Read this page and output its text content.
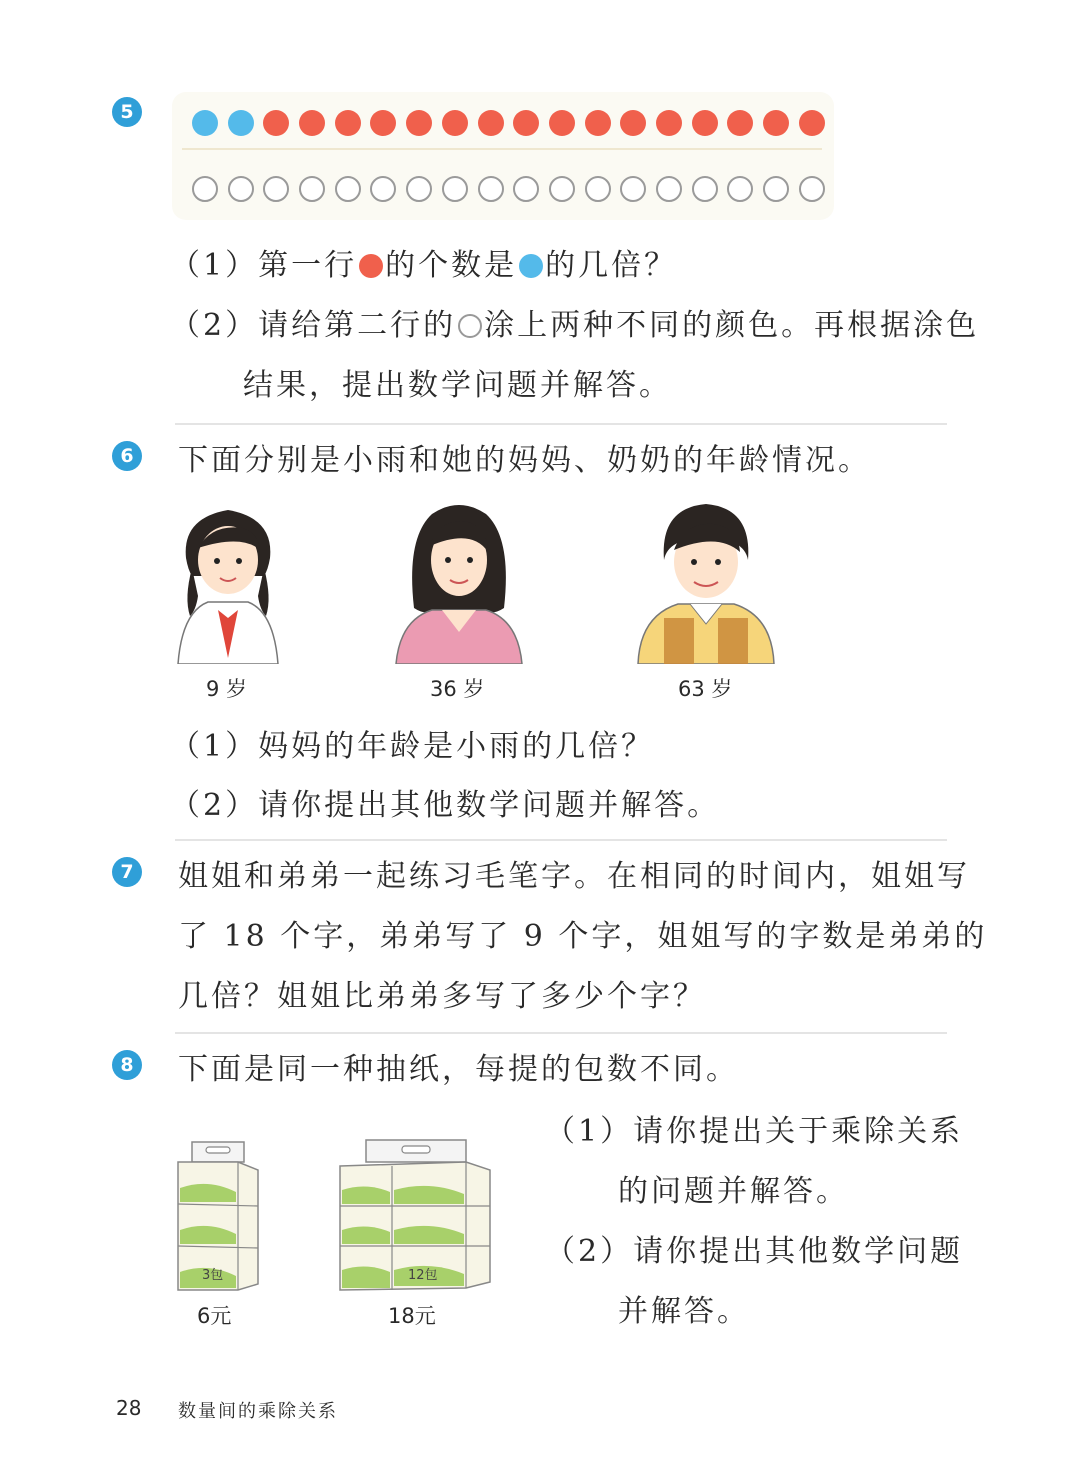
5
（1）第一行 的个数是 的几倍？
（2）请给第二行的 涂上两种不同的颜色。再根据涂色
结果，提出数学问题并解答。
6 下面分别是小雨和她的妈妈、奶奶的年龄情况。
9 岁	36 岁	63 岁
（1）妈妈的年龄是小雨的几倍？
（2）请你提出其他数学问题并解答。
7 姐姐和弟弟一起练习毛笔字。在相同的时间内，姐姐写
了 18 个字，弟弟写了 9 个字，姐姐写的字数是弟弟的
几倍？姐姐比弟弟多写了多少个字？
8 下面是同一种抽纸，每提的包数不同。
3包	12包
6元	18元
（1）请你提出关于乘除关系
的问题并解答。
（2）请你提出其他数学问题
并解答。
28 数量间的乘除关系
